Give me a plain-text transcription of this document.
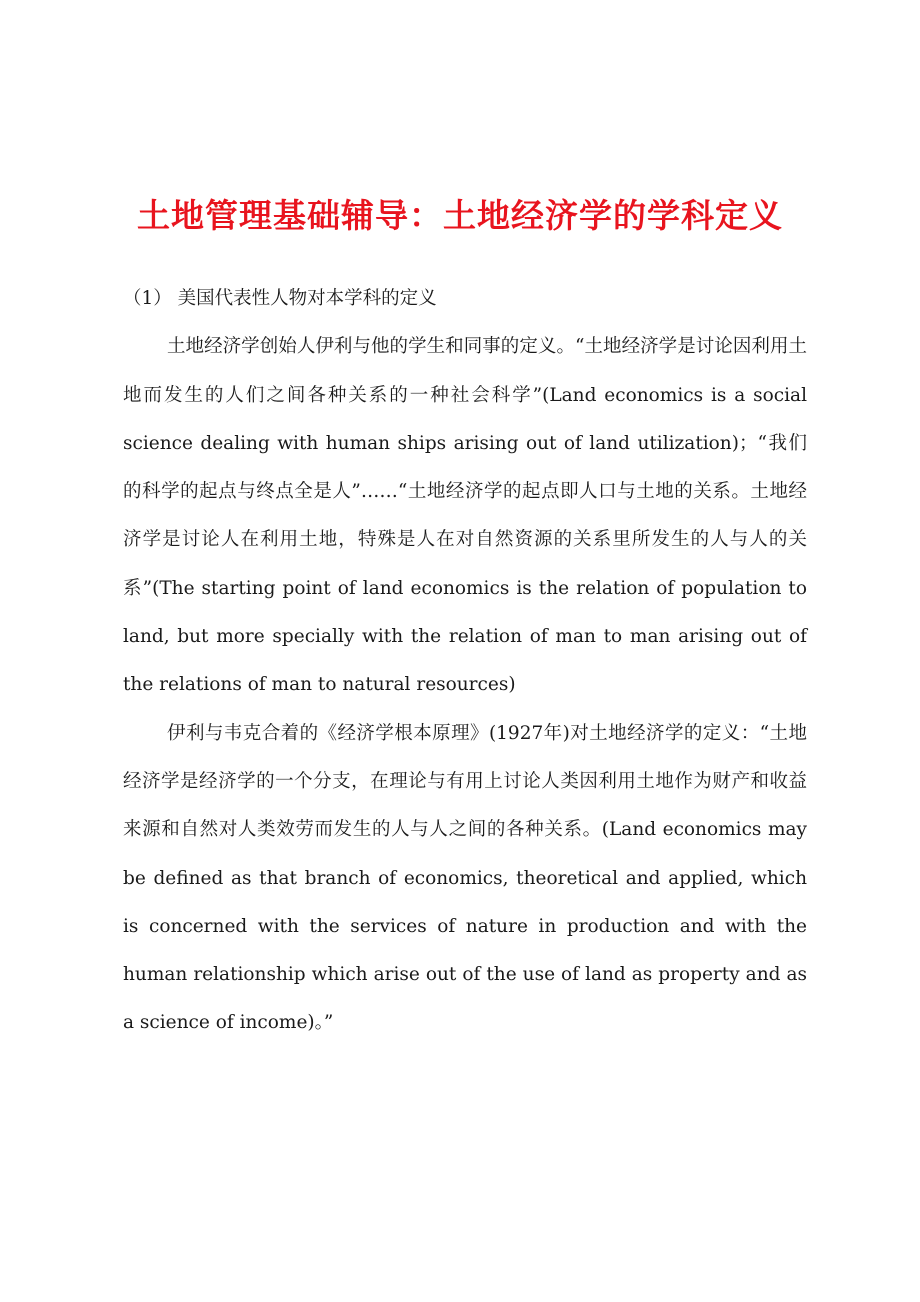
土地管理基础辅导：土地经济学的学科定义

（1） 美国代表性人物对本学科的定义

土地经济学创始人伊利与他的学生和同事的定义。“土地经济学是讨论因利用土地而发生的人们之间各种关系的一种社会科学”(Land economics is a social science dealing with human ships arising out of land utilization)；“我们的科学的起点与终点全是人”……“土地经济学的起点即人口与土地的关系。土地经济学是讨论人在利用土地，特殊是人在对自然资源的关系里所发生的人与人的关系”(The starting point of land economics is the relation of population to land, but more specially with the relation of man to man arising out of the relations of man to natural resources)

伊利与韦克合着的《经济学根本原理》(1927年)对土地经济学的定义：“土地经济学是经济学的一个分支，在理论与有用上讨论人类因利用土地作为财产和收益来源和自然对人类效劳而发生的人与人之间的各种关系。(Land economics may be defined as that branch of economics, theoretical and applied, which is concerned with the services of nature in production and with the human relationship which arise out of the use of land as property and as a science of income)。”
